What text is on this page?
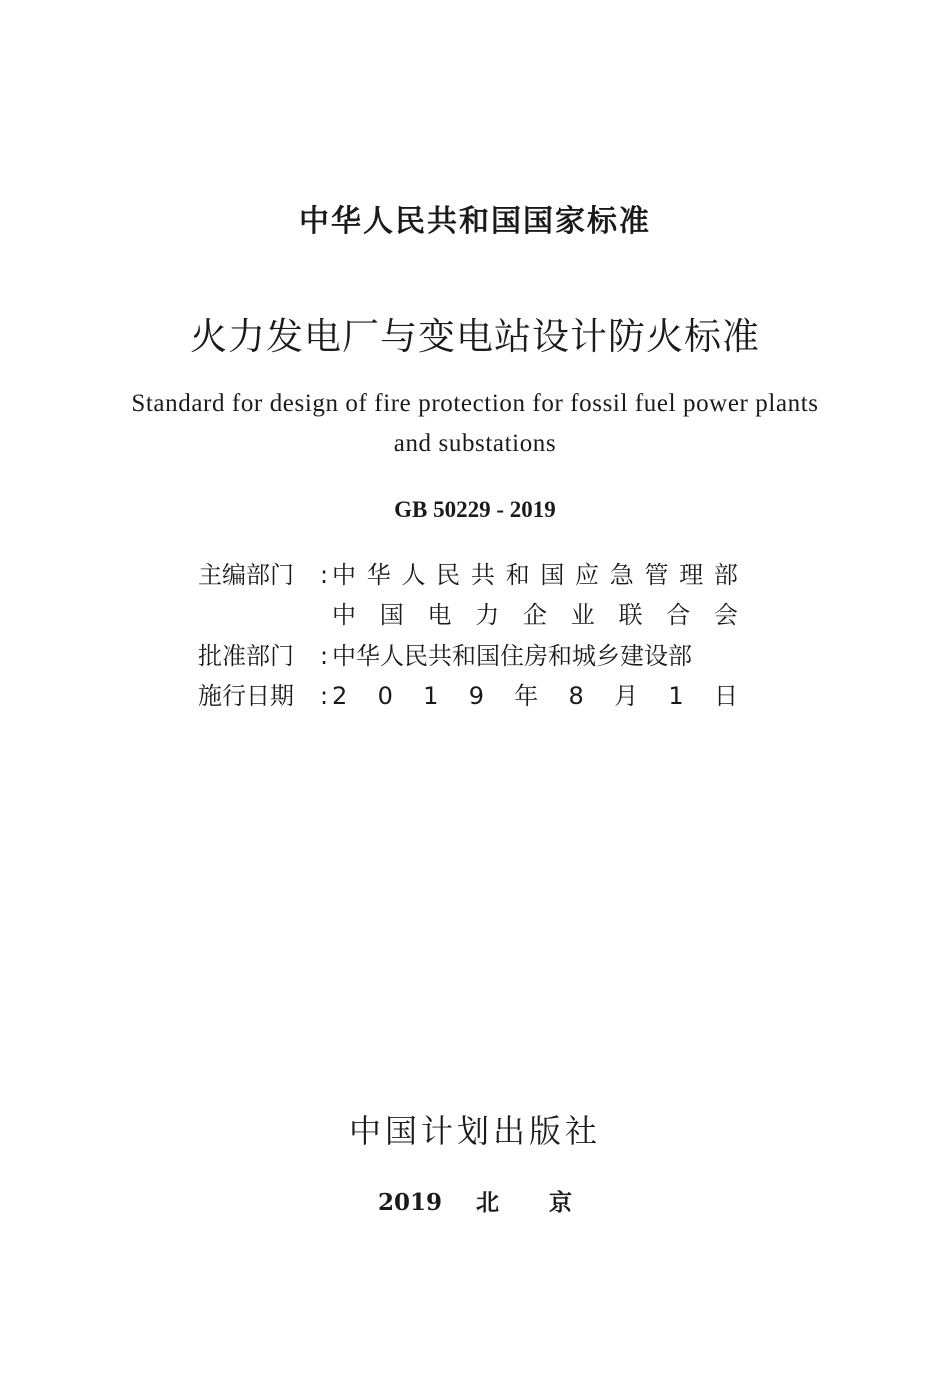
中华人民共和国国家标准
火力发电厂与变电站设计防火标准
Standard for design of fire protection for fossil fuel power plants and substations
GB 50229 - 2019
主编部门	: 中 华 人 民 共 和 国 应 急 管 理 部
中 国 电 力 企 业 联 合 会
批准部门	: 中华人民共和国住房和城乡建设部
施行日期	: 2 0 1 9 年 8 月 1 日
中国计划出版社
2019 北京
